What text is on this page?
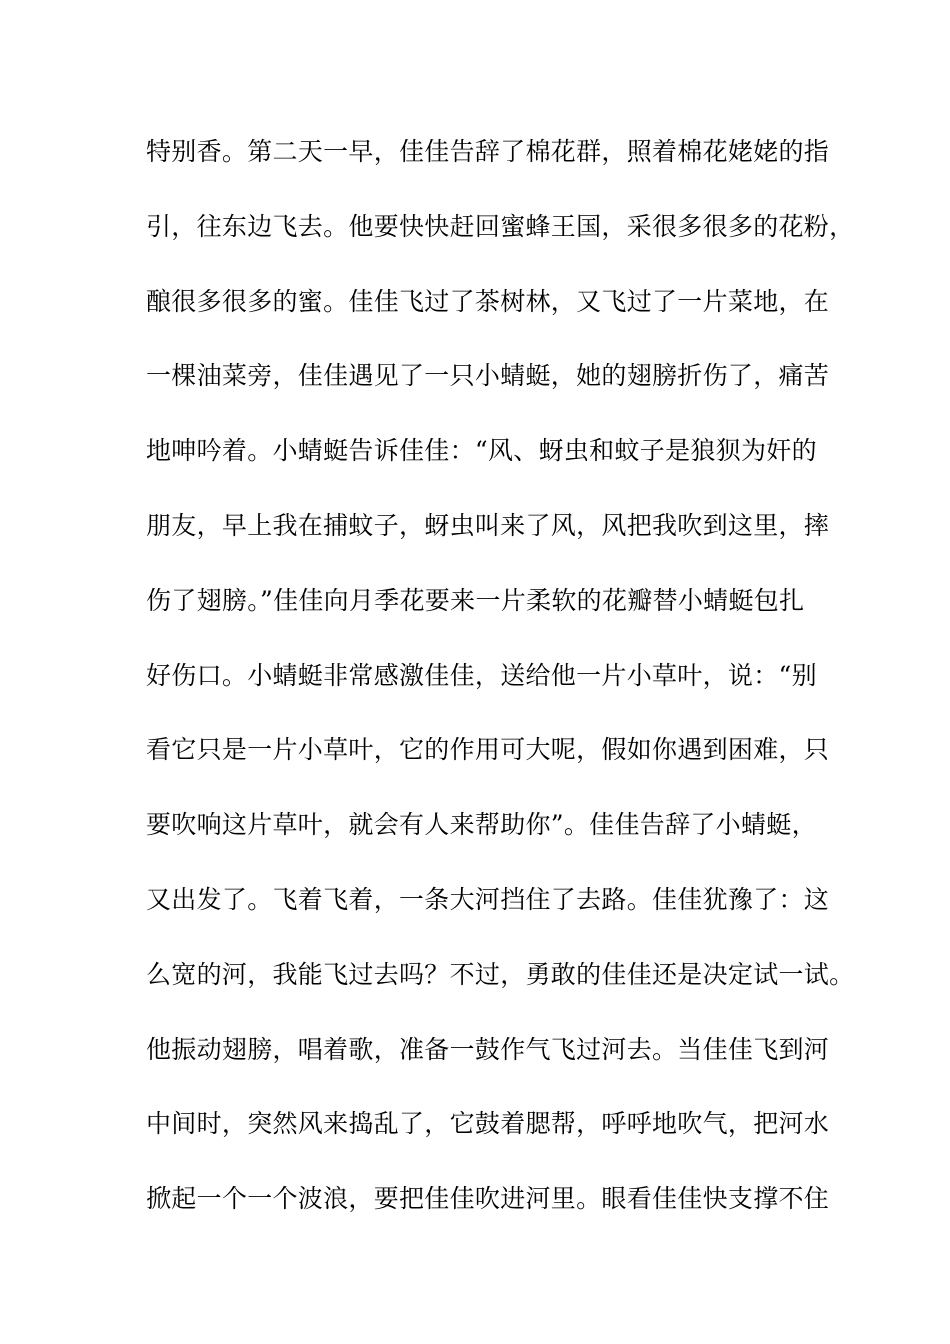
特别香。第二天一早，佳佳告辞了棉花群，照着棉花姥姥的指
引，往东边飞去。他要快快赶回蜜蜂王国，采很多很多的花粉，
酿很多很多的蜜。佳佳飞过了茶树林，又飞过了一片菜地，在
一棵油菜旁，佳佳遇见了一只小蜻蜓，她的翅膀折伤了，痛苦
地呻吟着。小蜻蜓告诉佳佳：“风、蚜虫和蚊子是狼狈为奸的
朋友，早上我在捕蚊子，蚜虫叫来了风，风把我吹到这里，摔
伤了翅膀。”佳佳向月季花要来一片柔软的花瓣替小蜻蜓包扎
好伤口。小蜻蜓非常感激佳佳，送给他一片小草叶，说：“别
看它只是一片小草叶，它的作用可大呢，假如你遇到困难，只
要吹响这片草叶，就会有人来帮助你”。佳佳告辞了小蜻蜓，
又出发了。飞着飞着，一条大河挡住了去路。佳佳犹豫了：这
么宽的河，我能飞过去吗？不过，勇敢的佳佳还是决定试一试。
他振动翅膀，唱着歌，准备一鼓作气飞过河去。当佳佳飞到河
中间时，突然风来捣乱了，它鼓着腮帮，呼呼地吹气，把河水
掀起一个一个波浪，要把佳佳吹进河里。眼看佳佳快支撑不住
